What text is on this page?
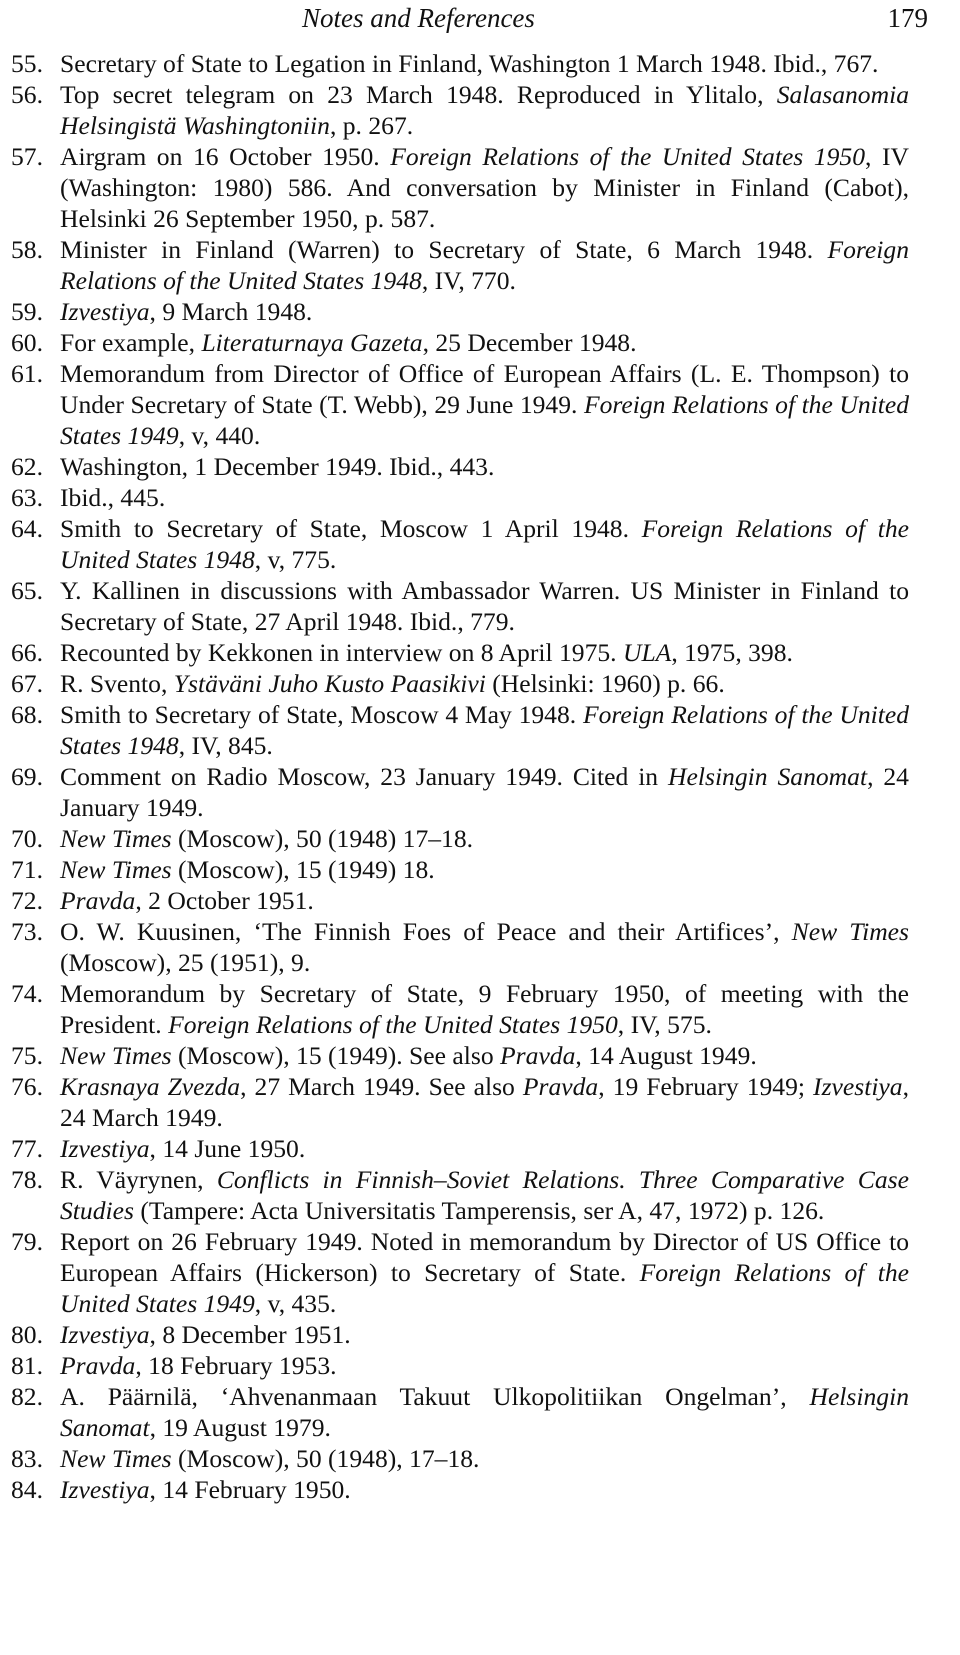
Notes and References	179
55. Secretary of State to Legation in Finland, Washington 1 March 1948. Ibid., 767.
56. Top secret telegram on 23 March 1948. Reproduced in Ylitalo, Salasanomia Helsingistä Washingtoniin, p. 267.
57. Airgram on 16 October 1950. Foreign Relations of the United States 1950, IV (Washington: 1980) 586. And conversation by Minister in Finland (Cabot), Helsinki 26 September 1950, p. 587.
58. Minister in Finland (Warren) to Secretary of State, 6 March 1948. Foreign Relations of the United States 1948, IV, 770.
59. Izvestiya, 9 March 1948.
60. For example, Literaturnaya Gazeta, 25 December 1948.
61. Memorandum from Director of Office of European Affairs (L. E. Thompson) to Under Secretary of State (T. Webb), 29 June 1949. Foreign Relations of the United States 1949, v, 440.
62. Washington, 1 December 1949. Ibid., 443.
63. Ibid., 445.
64. Smith to Secretary of State, Moscow 1 April 1948. Foreign Relations of the United States 1948, v, 775.
65. Y. Kallinen in discussions with Ambassador Warren. US Minister in Finland to Secretary of State, 27 April 1948. Ibid., 779.
66. Recounted by Kekkonen in interview on 8 April 1975. ULA, 1975, 398.
67. R. Svento, Ystäväni Juho Kusto Paasikivi (Helsinki: 1960) p. 66.
68. Smith to Secretary of State, Moscow 4 May 1948. Foreign Relations of the United States 1948, IV, 845.
69. Comment on Radio Moscow, 23 January 1949. Cited in Helsingin Sanomat, 24 January 1949.
70. New Times (Moscow), 50 (1948) 17–18.
71. New Times (Moscow), 15 (1949) 18.
72. Pravda, 2 October 1951.
73. O. W. Kuusinen, ‘The Finnish Foes of Peace and their Artifices’, New Times (Moscow), 25 (1951), 9.
74. Memorandum by Secretary of State, 9 February 1950, of meeting with the President. Foreign Relations of the United States 1950, IV, 575.
75. New Times (Moscow), 15 (1949). See also Pravda, 14 August 1949.
76. Krasnaya Zvezda, 27 March 1949. See also Pravda, 19 February 1949; Izvestiya, 24 March 1949.
77. Izvestiya, 14 June 1950.
78. R. Väyrynen, Conflicts in Finnish–Soviet Relations. Three Comparative Case Studies (Tampere: Acta Universitatis Tamperensis, ser A, 47, 1972) p. 126.
79. Report on 26 February 1949. Noted in memorandum by Director of US Office to European Affairs (Hickerson) to Secretary of State. Foreign Relations of the United States 1949, v, 435.
80. Izvestiya, 8 December 1951.
81. Pravda, 18 February 1953.
82. A. Päärnilä, ‘Ahvenanmaan Takuut Ulkopolitiikan Ongelman’, Helsingin Sanomat, 19 August 1979.
83. New Times (Moscow), 50 (1948), 17–18.
84. Izvestiya, 14 February 1950.
